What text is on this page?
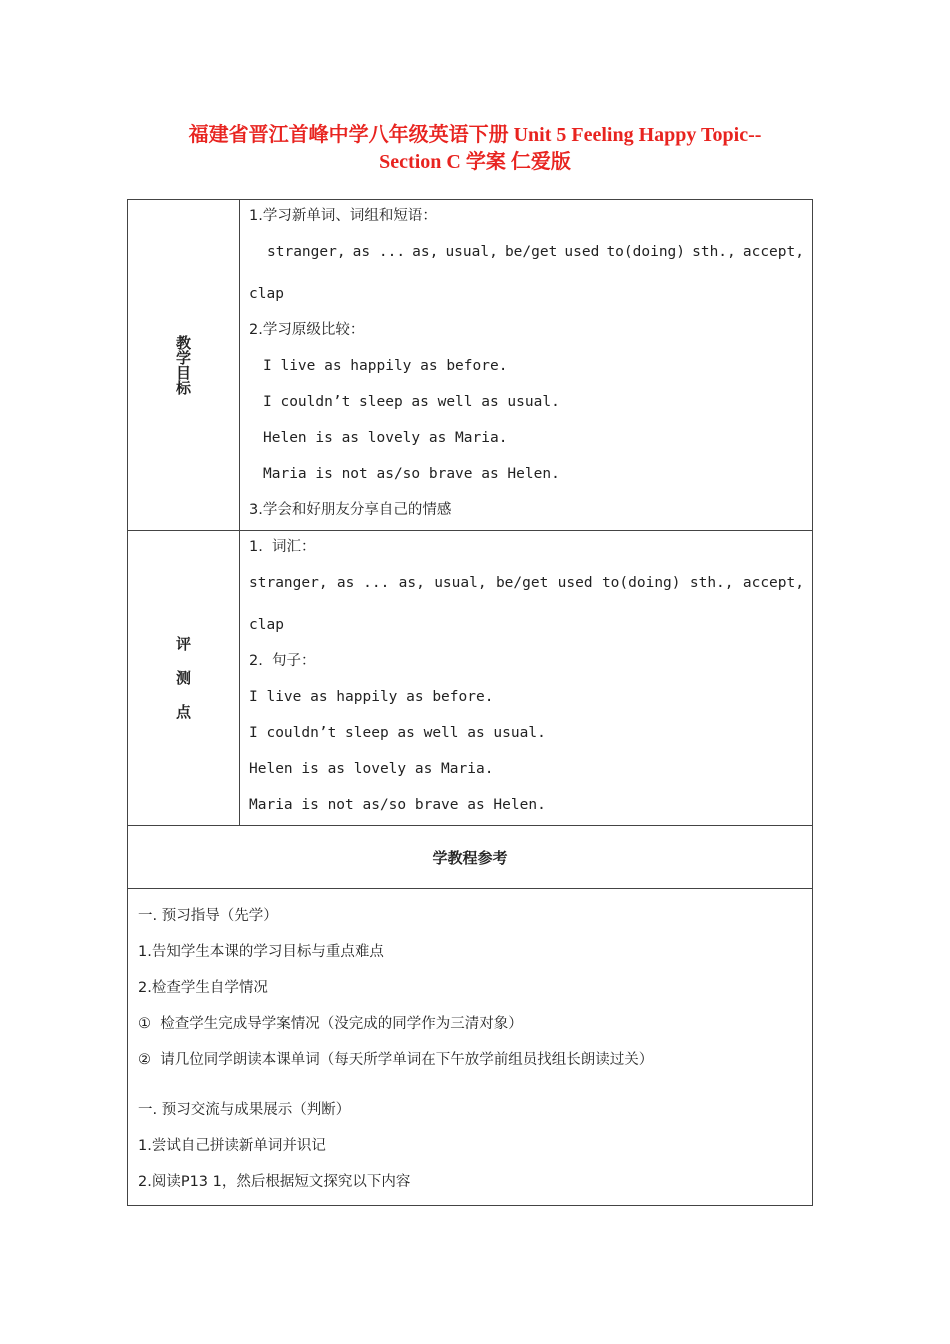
福建省晋江首峰中学八年级英语下册 Unit 5 Feeling Happy Topic--
Section C 学案 仁爱版
教学目标
1.学习新单词、词组和短语：
stranger, as ... as, usual, be/get used to(doing) sth., accept,
clap
2.学习原级比较：
I live as happily as before.
I couldn’t sleep as well as usual.
Helen is as lovely as Maria.
Maria is not as/so brave as Helen.
3.学会和好朋友分享自己的情感
评
测
点
1.  词汇：
stranger, as ... as, usual, be/get used to(doing) sth., accept,
clap
2.  句子：
I live as happily as before.
I couldn’t sleep as well as usual.
Helen is as lovely as Maria.
Maria is not as/so brave as Helen.
学教程参考
一. 预习指导（先学）
1.告知学生本课的学习目标与重点难点
2.检查学生自学情况
①  检查学生完成导学案情况（没完成的同学作为三清对象）
②  请几位同学朗读本课单词（每天所学单词在下午放学前组员找组长朗读过关）
一. 预习交流与成果展示（判断）
1.尝试自己拼读新单词并识记
2.阅读P13 1，然后根据短文探究以下内容
